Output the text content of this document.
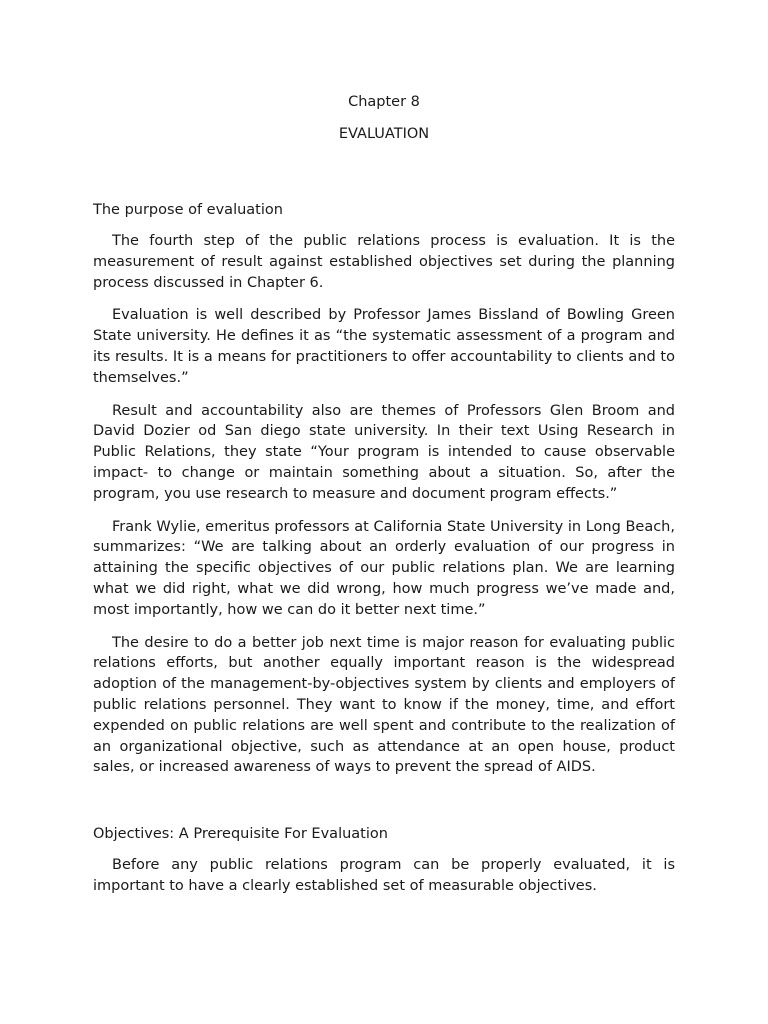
Chapter 8

EVALUATION

The purpose of evaluation

The fourth step of the public relations process is evaluation. It is the measurement of result against established objectives set during the planning process discussed in Chapter 6.

Evaluation is well described by Professor James Bissland of Bowling Green State university. He defines it as “the systematic assessment of a program and its results. It is a means for practitioners to offer accountability to clients and to themselves.”

Result and accountability also are themes of Professors Glen Broom and David Dozier od San diego state university. In their text Using Research in Public Relations, they state “Your program is intended to cause observable impact- to change or maintain something about a situation. So, after the program, you use research to measure and document program effects.”

Frank Wylie, emeritus professors at California State University in Long Beach, summarizes: “We are talking about an orderly evaluation of our progress in attaining the specific objectives of our public relations plan. We are learning what we did right, what we did wrong, how much progress we’ve made and, most importantly, how we can do it better next time.”

The desire to do a better job next time is major reason for evaluating public relations efforts, but another equally important reason is the widespread adoption of the management-by-objectives system by clients and employers of public relations personnel. They want to know if the money, time, and effort expended on public relations are well spent and contribute to the realization of an organizational objective, such as attendance at an open house, product sales, or increased awareness of ways to prevent the spread of AIDS.

Objectives: A Prerequisite For Evaluation

Before any public relations program can be properly evaluated, it is important to have a clearly established set of measurable objectives.
